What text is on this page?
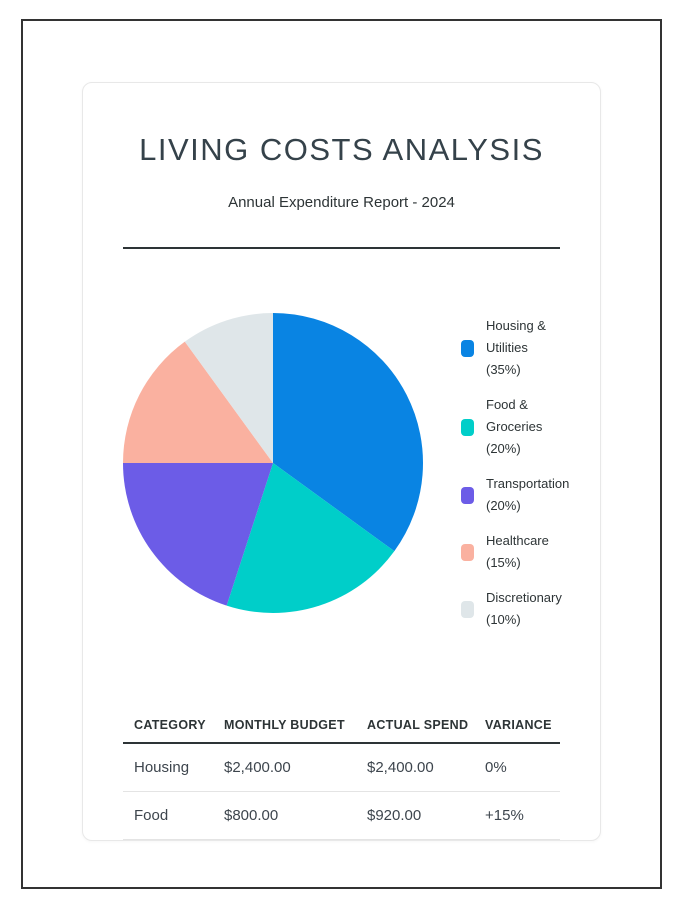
LIVING COSTS ANALYSIS
Annual Expenditure Report - 2024
Housing & Utilities (35%)
Food & Groceries (20%)
Transportation (20%)
Healthcare (15%)
Discretionary (10%)
CATEGORY	MONTHLY BUDGET	ACTUAL SPEND	VARIANCE
Housing	$2,400.00	$2,400.00	0%
Food	$800.00	$920.00	+15%
